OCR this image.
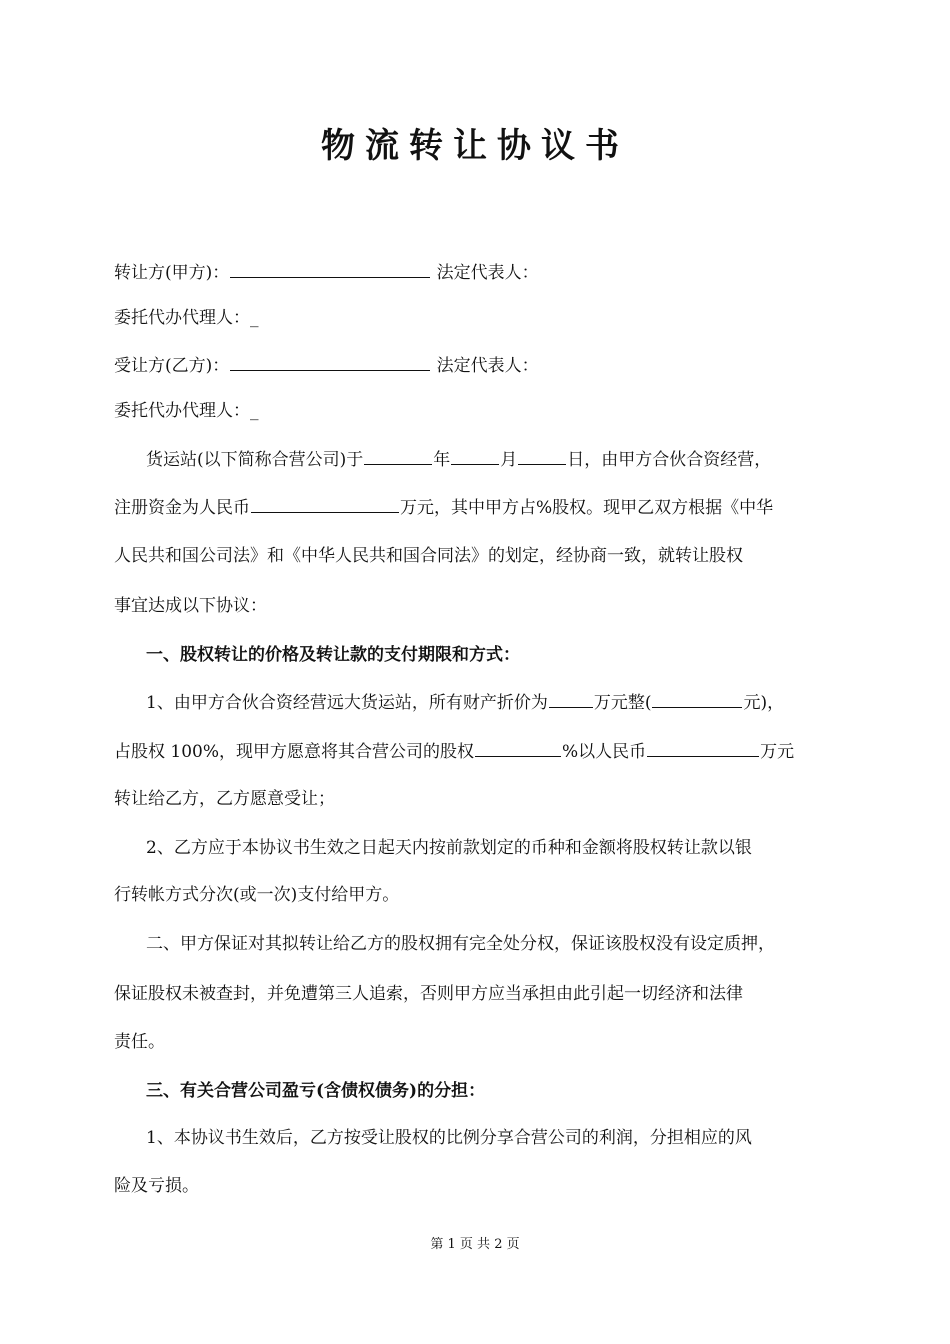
物流转让协议书
转让方(甲方)：	法定代表人：
委托代办代理人：_
受让方(乙方)：	法定代表人：
委托代办代理人：_
货运站(以下简称合营公司)于	年	月	日，由甲方合伙合资经营，
注册资金为人民币	万元，其中甲方占%股权。现甲乙双方根据《中华
人民共和国公司法》和《中华人民共和国合同法》的划定，经协商一致，就转让股权
事宜达成以下协议：
一、股权转让的价格及转让款的支付期限和方式：
1、由甲方合伙合资经营远大货运站，所有财产折价为	万元整(	元)，
占股权 100%，现甲方愿意将其合营公司的股权	%以人民币	万元
转让给乙方，乙方愿意受让；
2、乙方应于本协议书生效之日起天内按前款划定的币种和金额将股权转让款以银
行转帐方式分次(或一次)支付给甲方。
二、甲方保证对其拟转让给乙方的股权拥有完全处分权，保证该股权没有设定质押，
保证股权未被查封，并免遭第三人追索，否则甲方应当承担由此引起一切经济和法律
责任。
三、有关合营公司盈亏(含债权债务)的分担：
1、本协议书生效后，乙方按受让股权的比例分享合营公司的利润，分担相应的风
险及亏损。
第 1 页 共 2 页
